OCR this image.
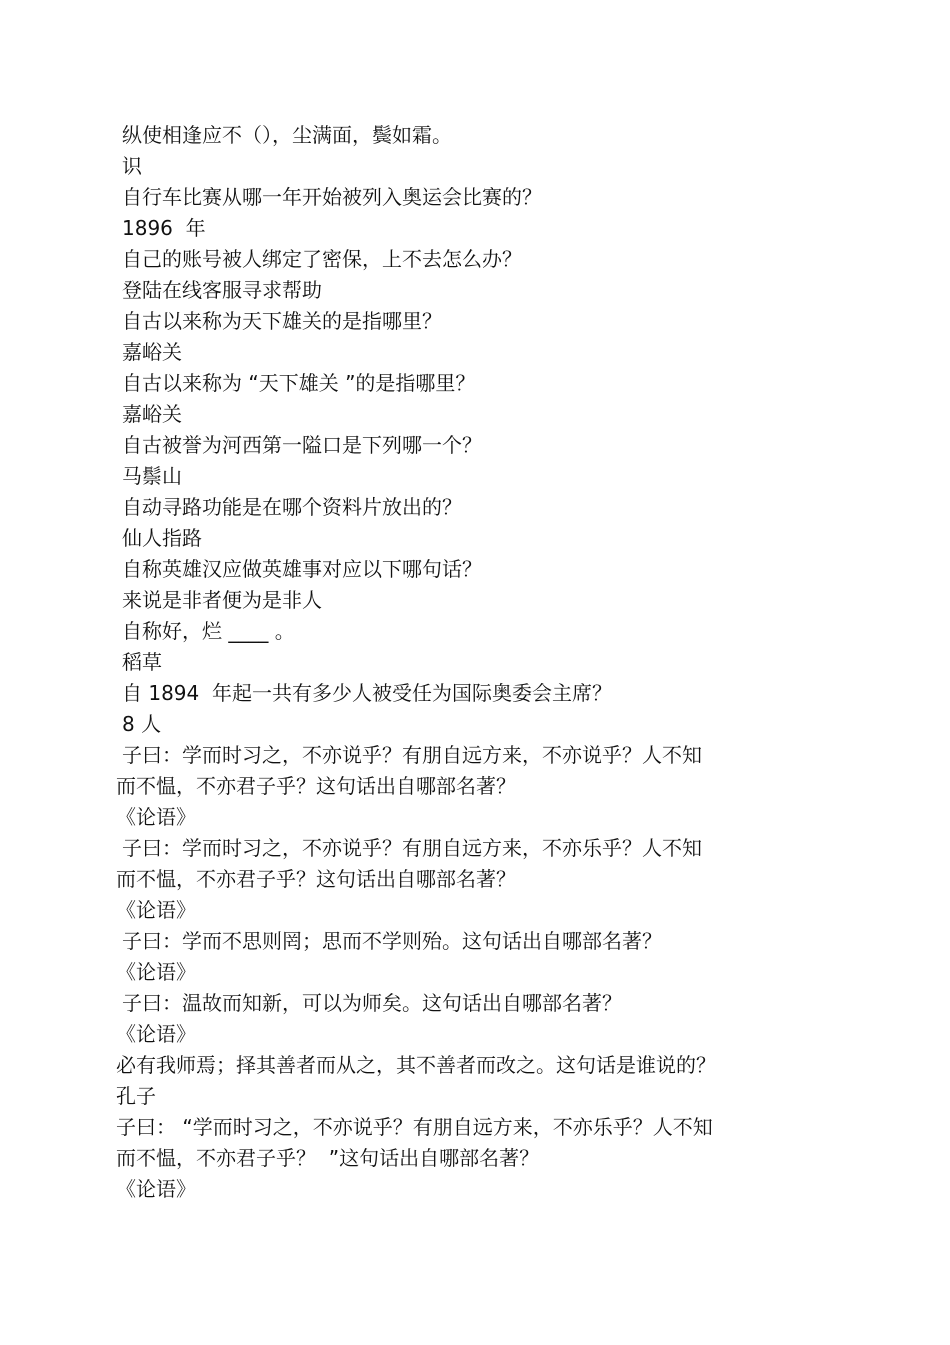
纵使相逢应不（），尘满面，鬓如霜。

识

自行车比赛从哪一年开始被列入奥运会比赛的？

1896  年

自己的账号被人绑定了密保，上不去怎么办？

登陆在线客服寻求帮助

自古以来称为天下雄关的是指哪里？

嘉峪关

自古以来称为 “天下雄关 ”的是指哪里？

嘉峪关

自古被誉为河西第一隘口是下列哪一个？

马鬃山

自动寻路功能是在哪个资料片放出的？

仙人指路

自称英雄汉应做英雄事对应以下哪句话？

来说是非者便为是非人

自称好，烂 ____ 。

稻草

自 1894  年起一共有多少人被受任为国际奥委会主席？

8 人

子曰：学而时习之，不亦说乎？有朋自远方来，不亦说乎？人不知

而不愠，不亦君子乎？这句话出自哪部名著？

《论语》

子曰：学而时习之，不亦说乎？有朋自远方来，不亦乐乎？人不知

而不愠，不亦君子乎？这句话出自哪部名著？

《论语》

子曰：学而不思则罔；思而不学则殆。这句话出自哪部名著？

《论语》

子曰：温故而知新，可以为师矣。这句话出自哪部名著？

《论语》

必有我师焉；择其善者而从之，其不善者而改之。这句话是谁说的？

孔子

子曰： “学而时习之，不亦说乎？有朋自远方来，不亦乐乎？人不知

而不愠，不亦君子乎？  ”这句话出自哪部名著？

《论语》
